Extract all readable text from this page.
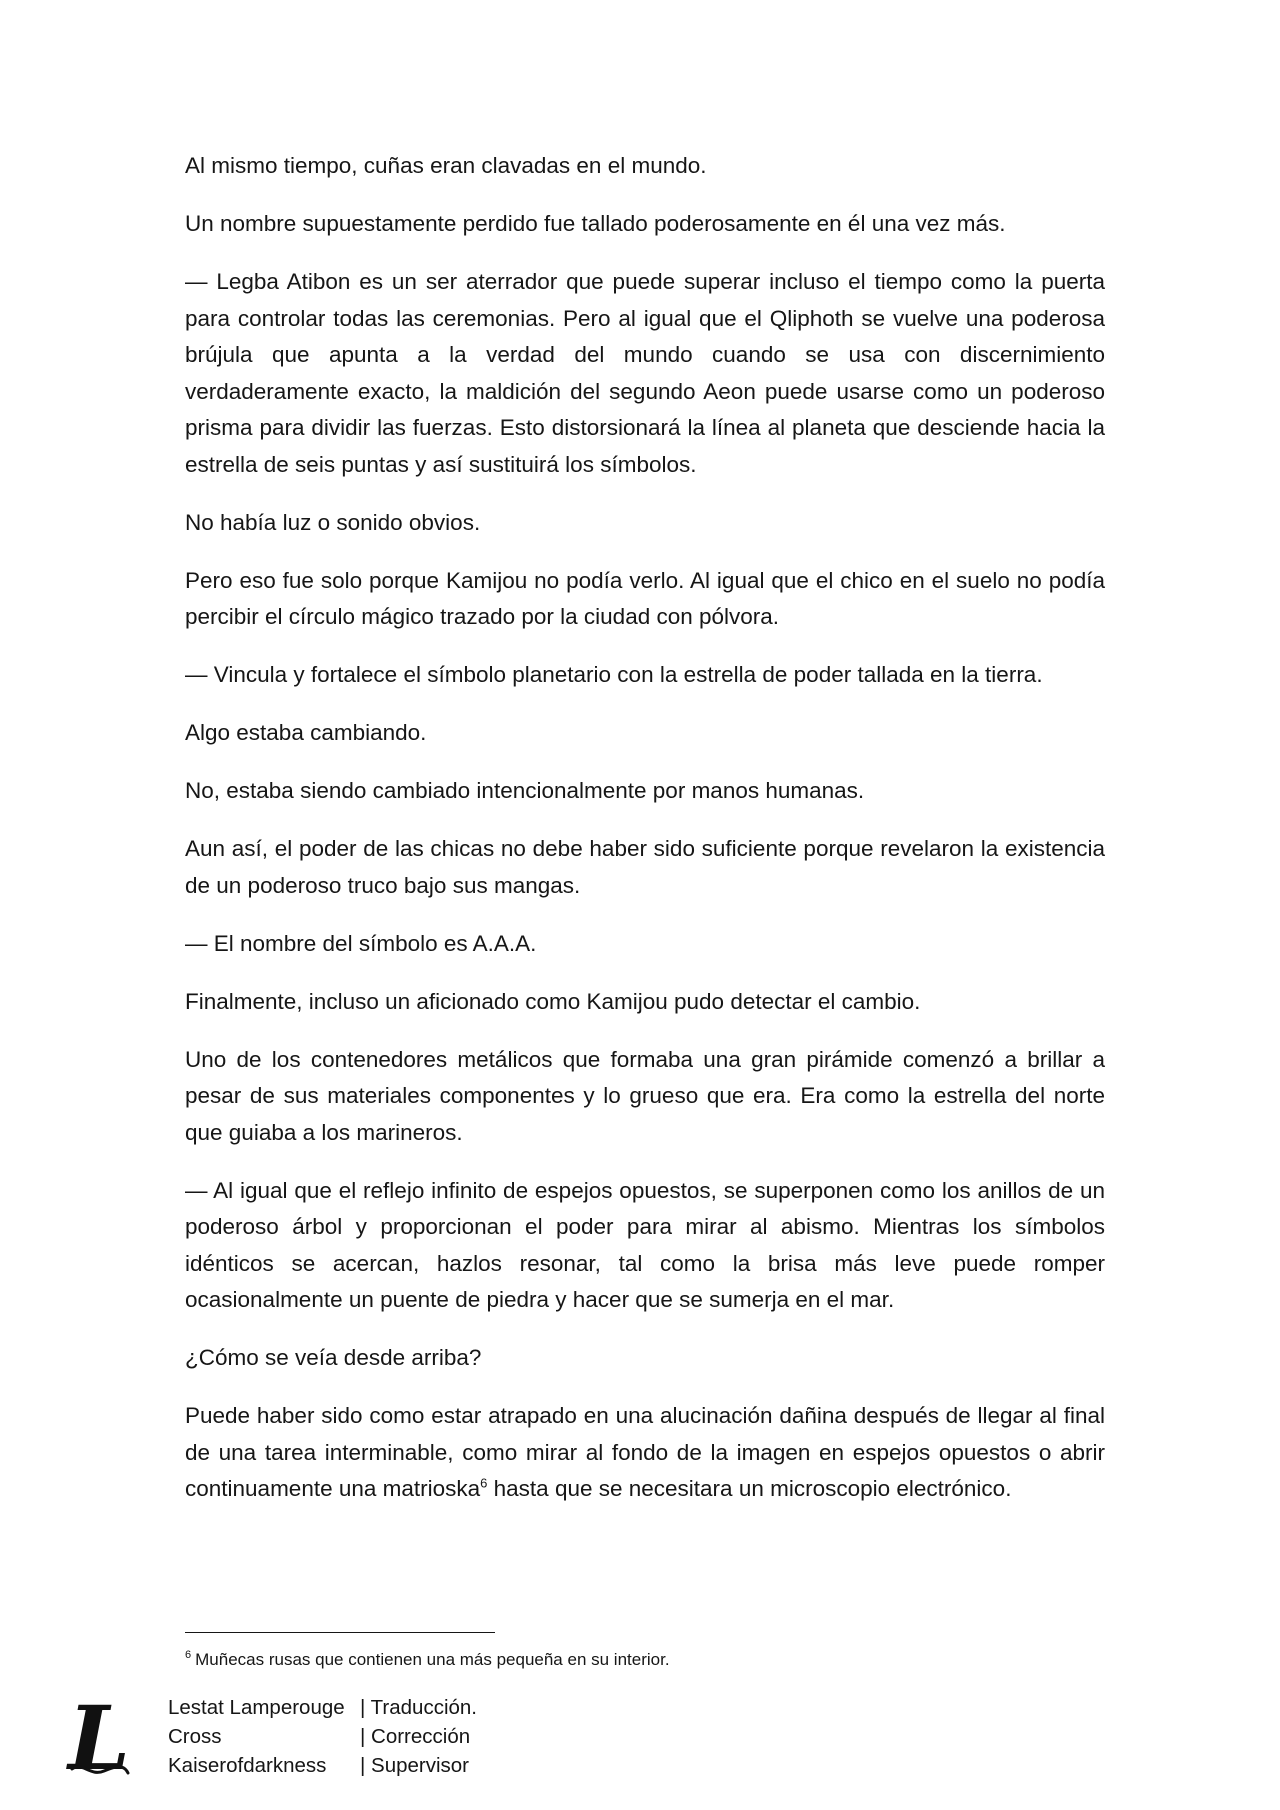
Al mismo tiempo, cuñas eran clavadas en el mundo.

Un nombre supuestamente perdido fue tallado poderosamente en él una vez más.

— Legba Atibon es un ser aterrador que puede superar incluso el tiempo como la puerta para controlar todas las ceremonias. Pero al igual que el Qliphoth se vuelve una poderosa brújula que apunta a la verdad del mundo cuando se usa con discernimiento verdaderamente exacto, la maldición del segundo Aeon puede usarse como un poderoso prisma para dividir las fuerzas. Esto distorsionará la línea al planeta que desciende hacia la estrella de seis puntas y así sustituirá los símbolos.

No había luz o sonido obvios.

Pero eso fue solo porque Kamijou no podía verlo. Al igual que el chico en el suelo no podía percibir el círculo mágico trazado por la ciudad con pólvora.

— Vincula y fortalece el símbolo planetario con la estrella de poder tallada en la tierra.

Algo estaba cambiando.

No, estaba siendo cambiado intencionalmente por manos humanas.

Aun así, el poder de las chicas no debe haber sido suficiente porque revelaron la existencia de un poderoso truco bajo sus mangas.

— El nombre del símbolo es A.A.A.

Finalmente, incluso un aficionado como Kamijou pudo detectar el cambio.

Uno de los contenedores metálicos que formaba una gran pirámide comenzó a brillar a pesar de sus materiales componentes y lo grueso que era. Era como la estrella del norte que guiaba a los marineros.

— Al igual que el reflejo infinito de espejos opuestos, se superponen como los anillos de un poderoso árbol y proporcionan el poder para mirar al abismo. Mientras los símbolos idénticos se acercan, hazlos resonar, tal como la brisa más leve puede romper ocasionalmente un puente de piedra y hacer que se sumerja en el mar.

¿Cómo se veía desde arriba?

Puede haber sido como estar atrapado en una alucinación dañina después de llegar al final de una tarea interminable, como mirar al fondo de la imagen en espejos opuestos o abrir continuamente una matrioska$^6$ hasta que se necesitara un microscopio electrónico.

$^6$ Muñecas rusas que contienen una más pequeña en su interior.
L Lestat Lamperouge	| Traducción.
Cross	| Corrección
Kaiserofdarkness	| Supervisor
